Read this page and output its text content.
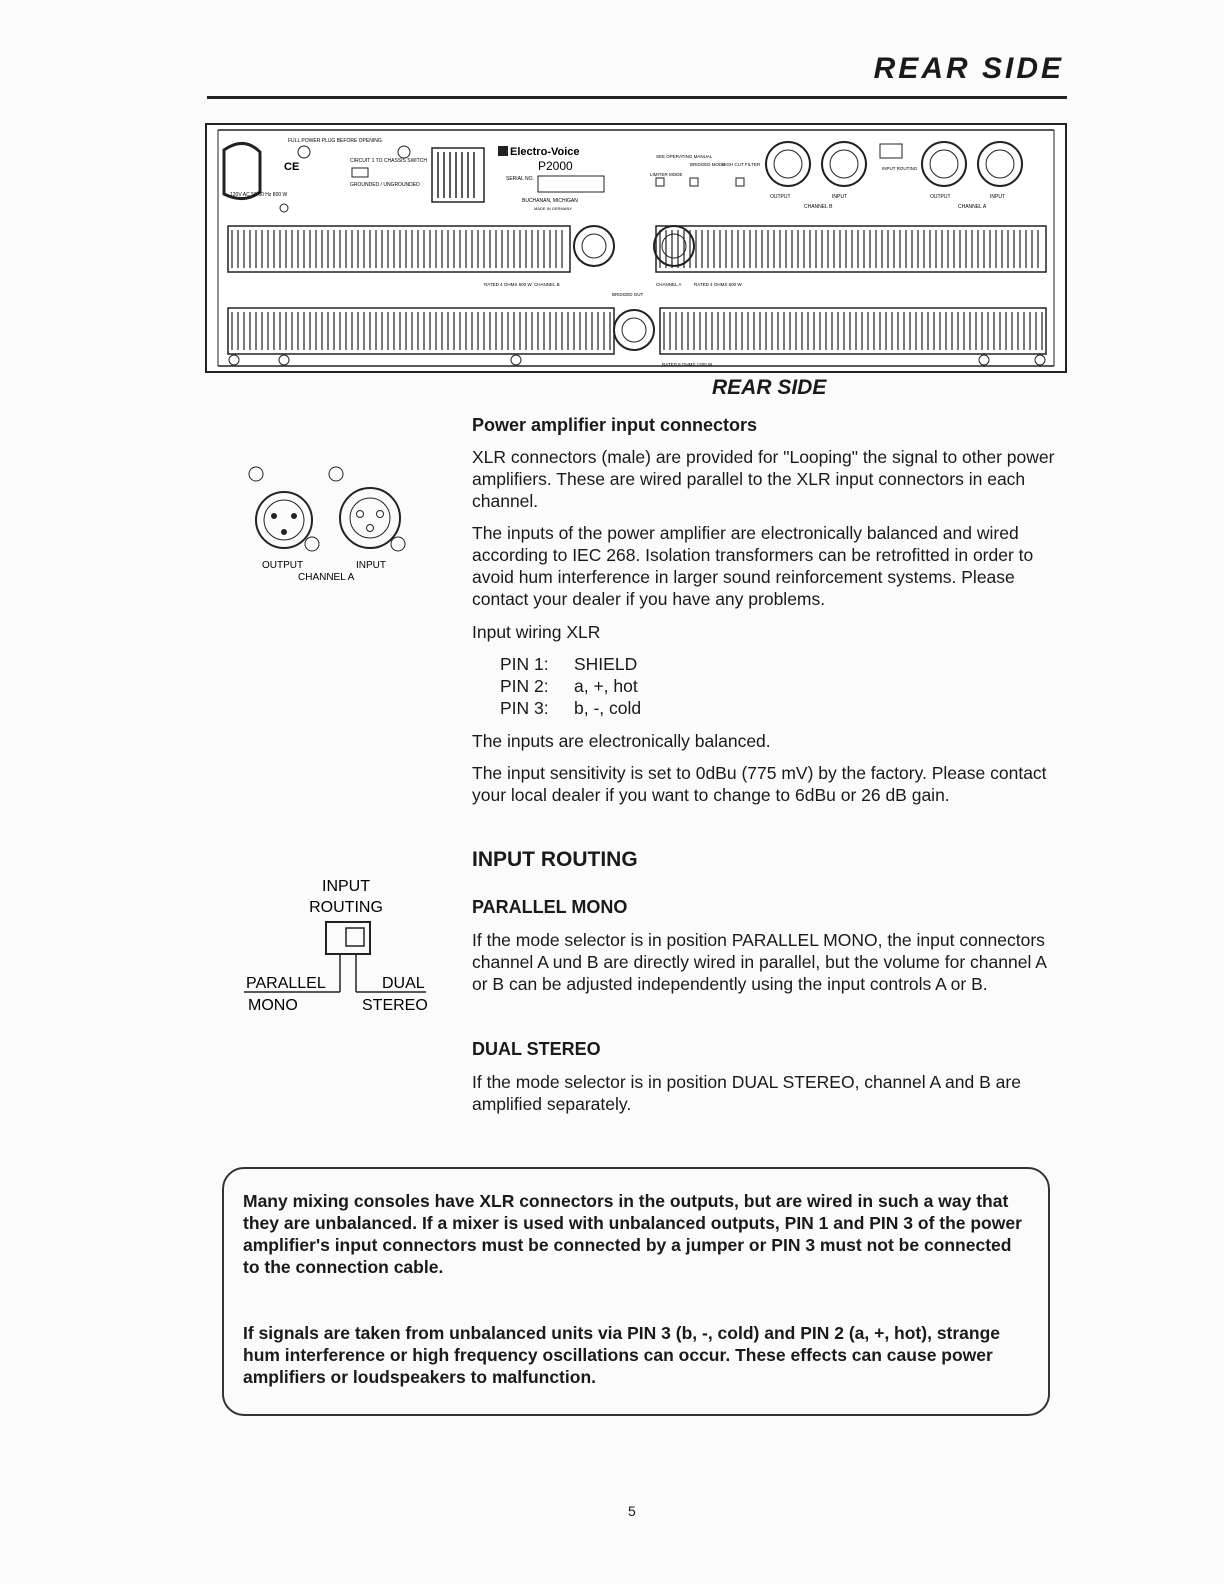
REAR SIDE
FULL POWER PLUG BEFORE OPENING
CE	CIRCUIT 1 TO CHASSIS SWITCH
GROUNDED / UNGROUNDED
120V AC 50-60 Hz 800 W
Electro-Voice
P2000
SERIAL NO.
BUCHANAN, MICHIGAN
MADE IN GERMANY
SEE OPERATING MANUAL
LIMITER MODE
BRIDGED MODE
HIGH CUT FILTER
OUTPUT	INPUT
CHANNEL B
INPUT ROUTING
OUTPUT	INPUT
CHANNEL A
RATED 4 OHMS 600 W CHANNEL B	CHANNEL A	RATED 4 OHMS 600 W
BRIDGED OUT
RATED 8 OHMS 1200 W
REAR SIDE
OUTPUT	INPUT
CHANNEL A
INPUT
ROUTING
PARALLEL
MONO
DUAL
STEREO
Power amplifier input connectors
XLR connectors (male) are provided for "Looping" the signal to other power amplifiers. These are wired parallel to the XLR input connectors in each channel.
The inputs of the power amplifier are electronically balanced and wired according to IEC 268. Isolation transformers can be retrofitted in order to avoid hum interference in larger sound reinforcement systems. Please contact your dealer if you have any problems.
Input wiring XLR
PIN 1: SHIELD
PIN 2: a, +, hot
PIN 3: b, -, cold
The inputs are electronically balanced.
The input sensitivity is set to 0dBu (775 mV) by the factory. Please contact your local dealer if you want to change to 6dBu or 26 dB gain.
INPUT ROUTING
PARALLEL MONO
If the mode selector is in position PARALLEL MONO, the input connectors channel A und B are directly wired in parallel, but the volume for channel A or B can be adjusted independently using the input controls A or B.
DUAL STEREO
If the mode selector is in position DUAL STEREO, channel A and B are amplified separately.
Many mixing consoles have XLR connectors in the outputs, but are wired in such a way that they are unbalanced. If a mixer is used with unbalanced outputs, PIN 1 and PIN 3 of the power amplifier's input connectors must be connected by a jumper or PIN 3 must not be connected to the connection cable.
If signals are taken from unbalanced units via PIN 3 (b, -, cold) and PIN 2 (a, +, hot), strange hum interference or high frequency oscillations can occur. These effects can cause power amplifiers or loudspeakers to malfunction.
5
